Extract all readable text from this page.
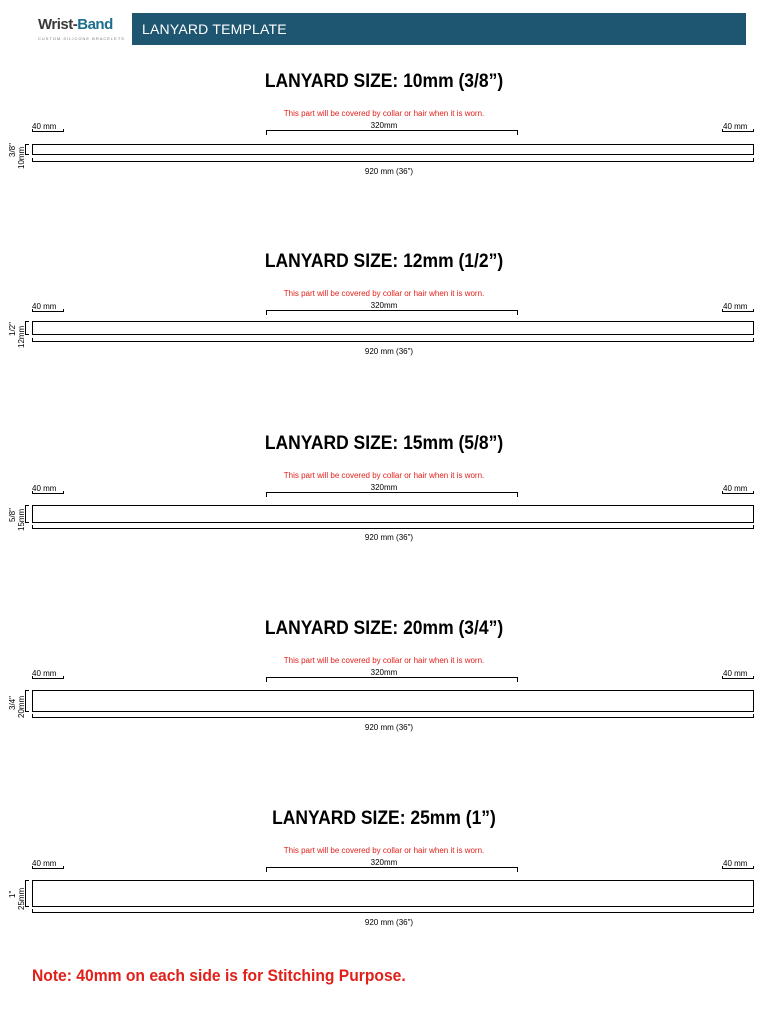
Wrist-Band
CUSTOM SILICONE BRACELETS
LANYARD TEMPLATE
LANYARD SIZE: 10mm (3/8”)
This part will be covered by collar or hair when it is worn.
320mm
40 mm	40 mm
920 mm (36")
3/8" 10mm
LANYARD SIZE: 12mm (1/2”)
This part will be covered by collar or hair when it is worn.
320mm
40 mm	40 mm
920 mm (36")
1/2" 12mm
LANYARD SIZE: 15mm (5/8”)
This part will be covered by collar or hair when it is worn.
320mm
40 mm	40 mm
920 mm (36")
5/8" 15mm
LANYARD SIZE: 20mm (3/4”)
This part will be covered by collar or hair when it is worn.
320mm
40 mm	40 mm
920 mm (36")
3/4" 20mm
LANYARD SIZE: 25mm (1”)
This part will be covered by collar or hair when it is worn.
320mm
40 mm	40 mm
920 mm (36")
1" 25mm
Note: 40mm on each side is for Stitching Purpose.
